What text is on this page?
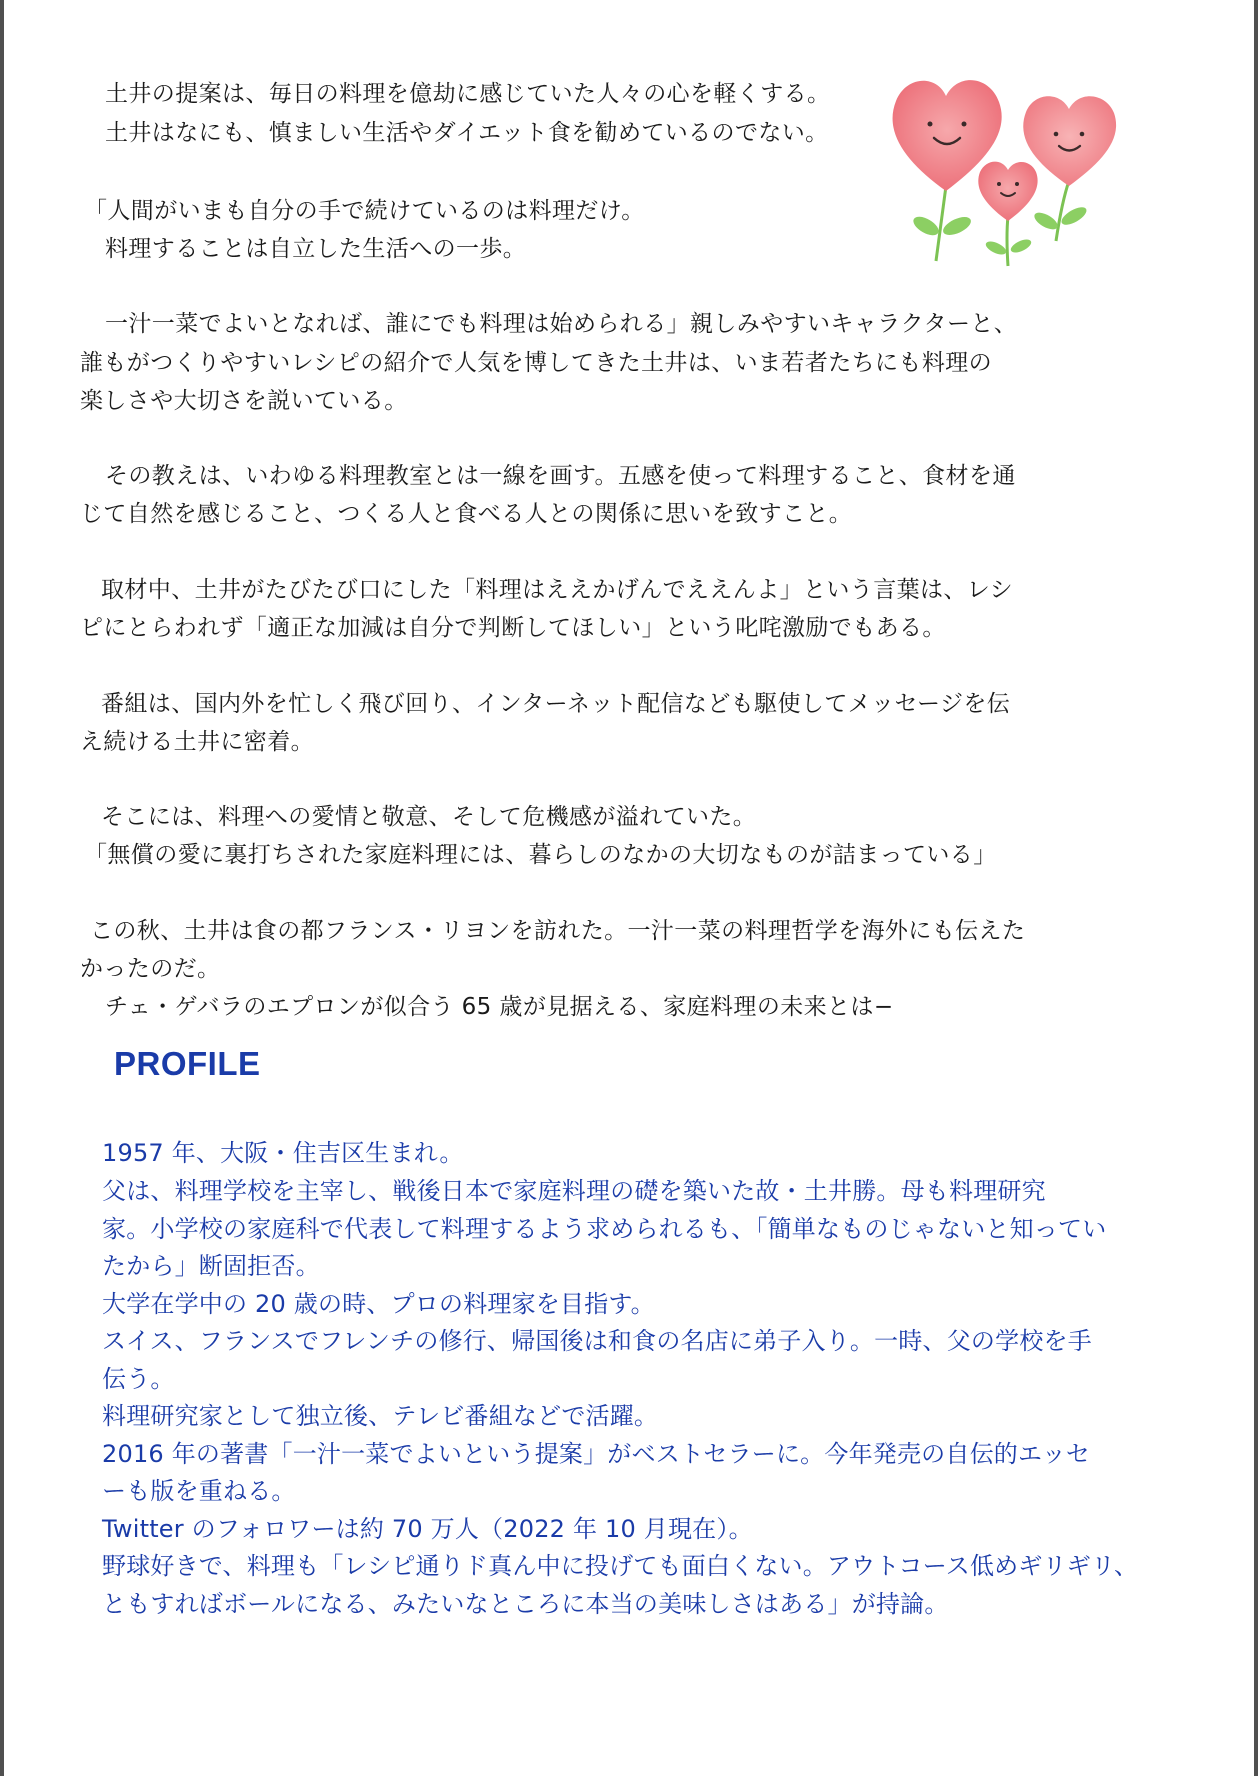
土井の提案は、毎日の料理を億劫に感じていた人々の心を軽くする。
土井はなにも、慎ましい生活やダイエット食を勧めているのでない。
「人間がいまも自分の手で続けているのは料理だけ。
料理することは自立した生活への一歩。
一汁一菜でよいとなれば、誰にでも料理は始められる」親しみやすいキャラクターと、
誰もがつくりやすいレシピの紹介で人気を博してきた土井は、いま若者たちにも料理の
楽しさや大切さを説いている。
その教えは、いわゆる料理教室とは一線を画す。五感を使って料理すること、食材を通
じて自然を感じること、つくる人と食べる人との関係に思いを致すこと。
取材中、土井がたびたび口にした「料理はええかげんでええんよ」という言葉は、レシ
ピにとらわれず「適正な加減は自分で判断してほしい」という叱咤激励でもある。
番組は、国内外を忙しく飛び回り、インターネット配信なども駆使してメッセージを伝
え続ける土井に密着。
そこには、料理への愛情と敬意、そして危機感が溢れていた。
「無償の愛に裏打ちされた家庭料理には、暮らしのなかの大切なものが詰まっている」
この秋、土井は食の都フランス・リヨンを訪れた。一汁一菜の料理哲学を海外にも伝えた
かったのだ。
チェ・ゲバラのエプロンが似合う 65 歳が見据える、家庭料理の未来とは−
PROFILE
1957 年、大阪・住吉区生まれ。
父は、料理学校を主宰し、戦後日本で家庭料理の礎を築いた故・土井勝。母も料理研究
家。小学校の家庭科で代表して料理するよう求められるも、「簡単なものじゃないと知ってい
たから」断固拒否。
大学在学中の 20 歳の時、プロの料理家を目指す。
スイス、フランスでフレンチの修行、帰国後は和食の名店に弟子入り。一時、父の学校を手
伝う。
料理研究家として独立後、テレビ番組などで活躍。
2016 年の著書「一汁一菜でよいという提案」がベストセラーに。今年発売の自伝的エッセ
ーも版を重ねる。
Twitter のフォロワーは約 70 万人（2022 年 10 月現在）。
野球好きで、料理も「レシピ通りド真ん中に投げても面白くない。アウトコース低めギリギリ、
ともすればボールになる、みたいなところに本当の美味しさはある」が持論。
